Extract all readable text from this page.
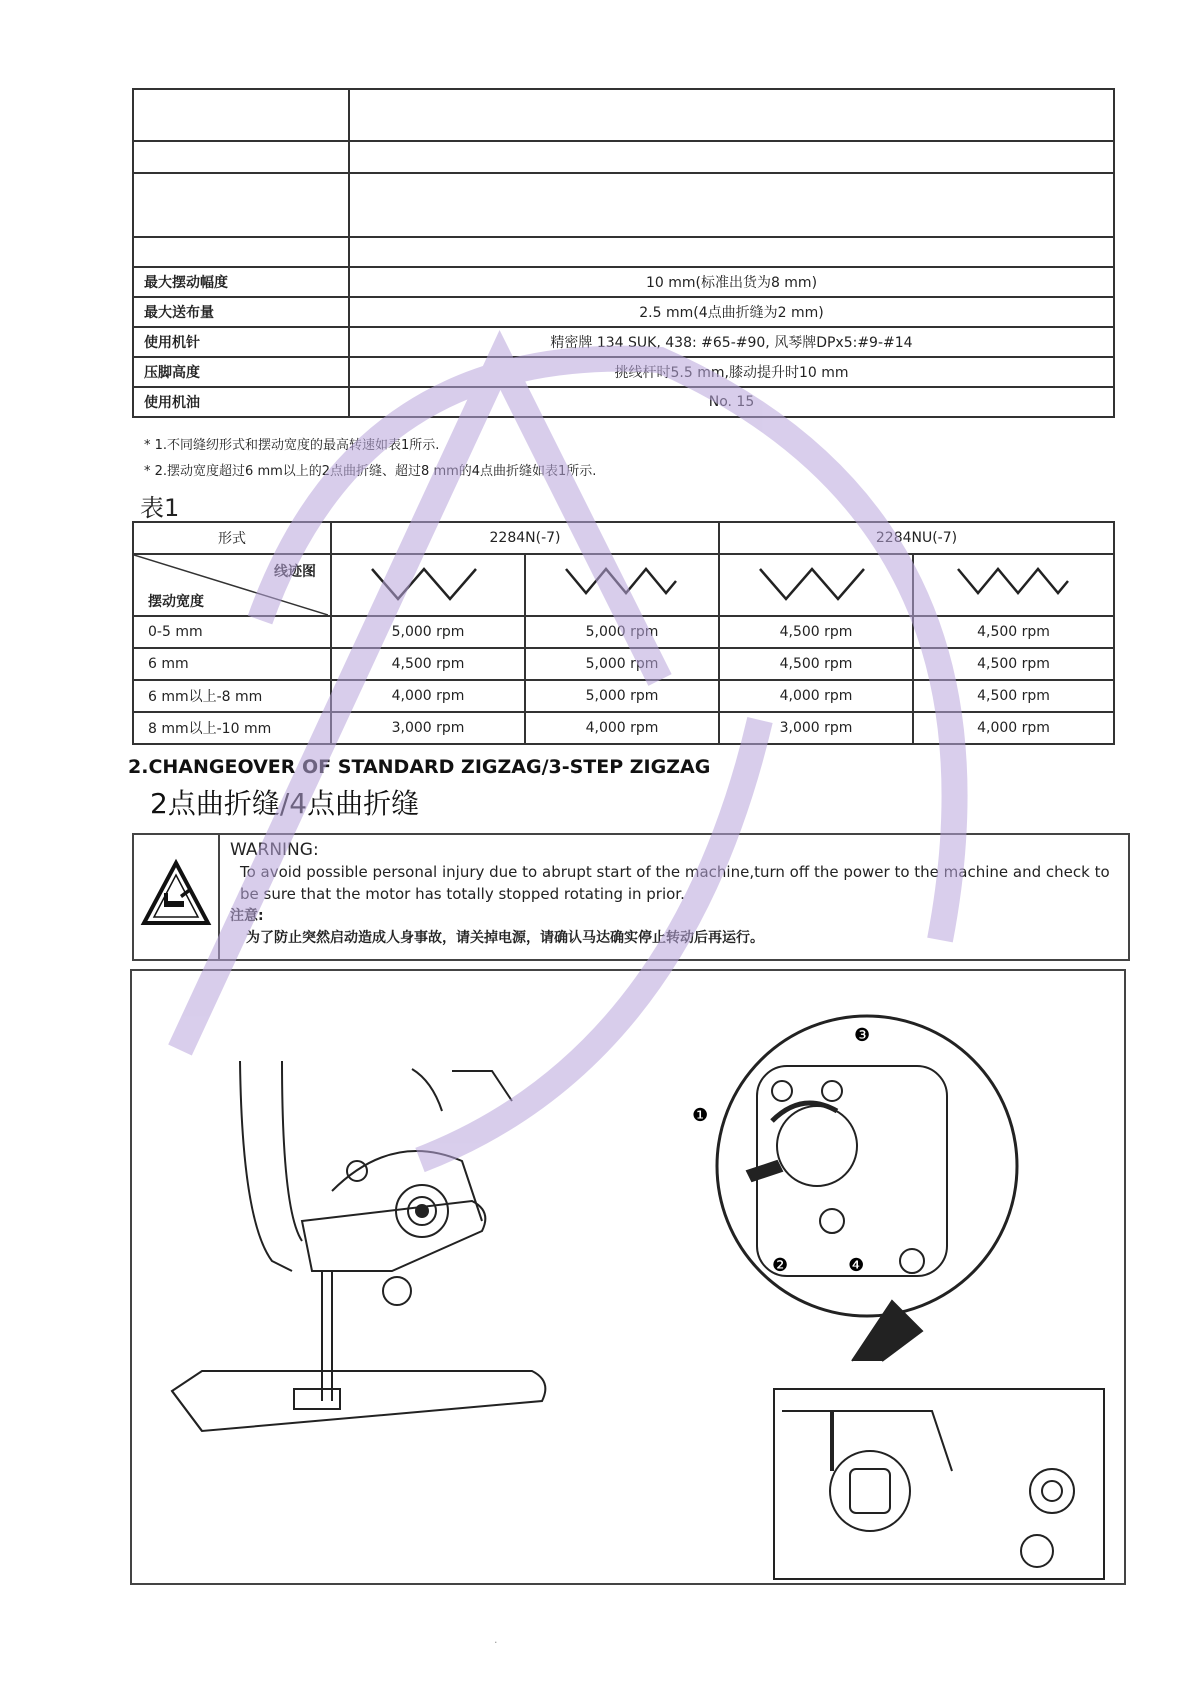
最大摆动幅度	10 mm(标准出货为8 mm)
最大送布量	2.5 mm(4点曲折缝为2 mm)
使用机针	精密牌 134 SUK, 438: #65-#90, 风琴牌DPx5:#9-#14
压脚高度	挑线杆时5.5 mm,膝动提升时10 mm
使用机油	No. 15
* 1.不同缝纫形式和摆动宽度的最高转速如表1所示.
* 2.摆动宽度超过6 mm以上的2点曲折缝、超过8 mm的4点曲折缝如表1所示.
表1
形式	2284N(-7)		2284NU(-7)	

线迹图
摆动宽度

0-5 mm	5,000 rpm	5,000 rpm	4,500 rpm	4,500 rpm
6 mm	4,500 rpm	5,000 rpm	4,500 rpm	4,500 rpm
6 mm以上-8 mm	4,000 rpm	5,000 rpm	4,000 rpm	4,500 rpm
8 mm以上-10 mm	3,000 rpm	4,000 rpm	3,000 rpm	4,000 rpm
2.CHANGEOVER OF STANDARD ZIGZAG/3-STEP ZIGZAG
2点曲折缝/4点曲折缝
WARNING:
To avoid possible personal injury due to abrupt start of the machine,turn off the power to the machine and check to be sure that the motor has totally stopped rotating in prior.
注意:
为了防止突然启动造成人身事故，请关掉电源，请确认马达确实停止转动后再运行。
❶
❷
❸
❹
·
